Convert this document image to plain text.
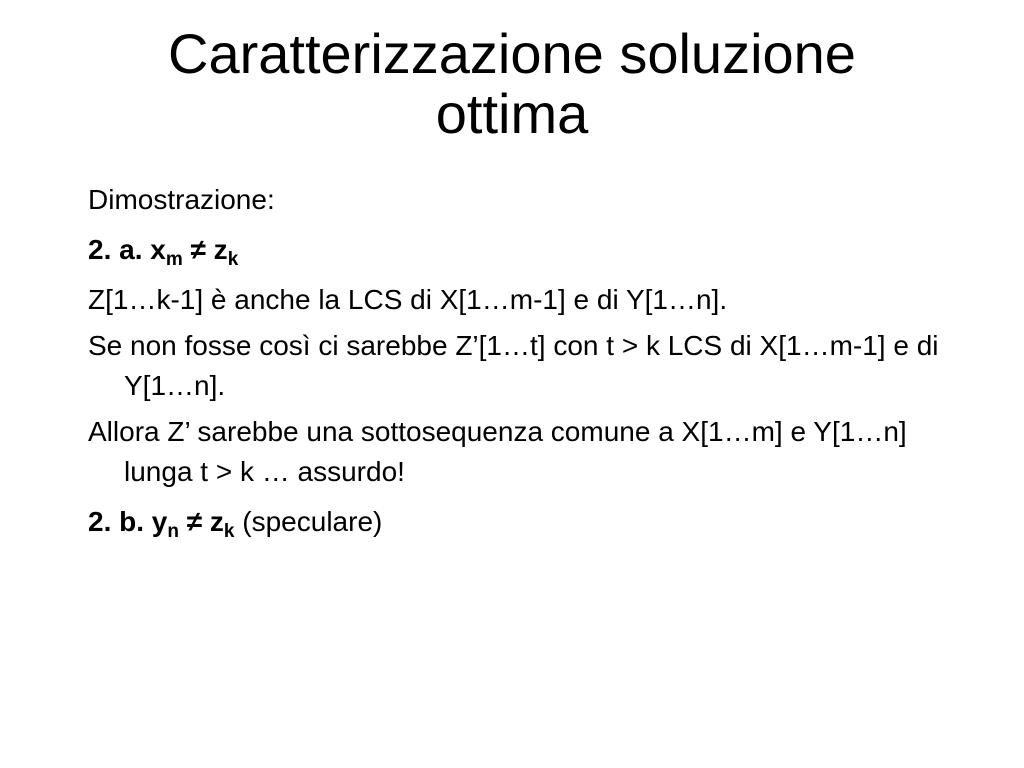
Caratterizzazione soluzione
ottima

Dimostrazione:

2. a. $x_m \ne z_k$

Z[1…k-1] è anche la LCS di X[1…m-1] e di Y[1…n].

Se non fosse così ci sarebbe Z’[1…t] con t > k LCS di X[1…m-1] e di Y[1…n].

Allora Z’ sarebbe una sottosequenza comune a X[1…m] e Y[1…n] lunga t > k … assurdo!

2. b. $y_n \ne z_k$ (speculare)
